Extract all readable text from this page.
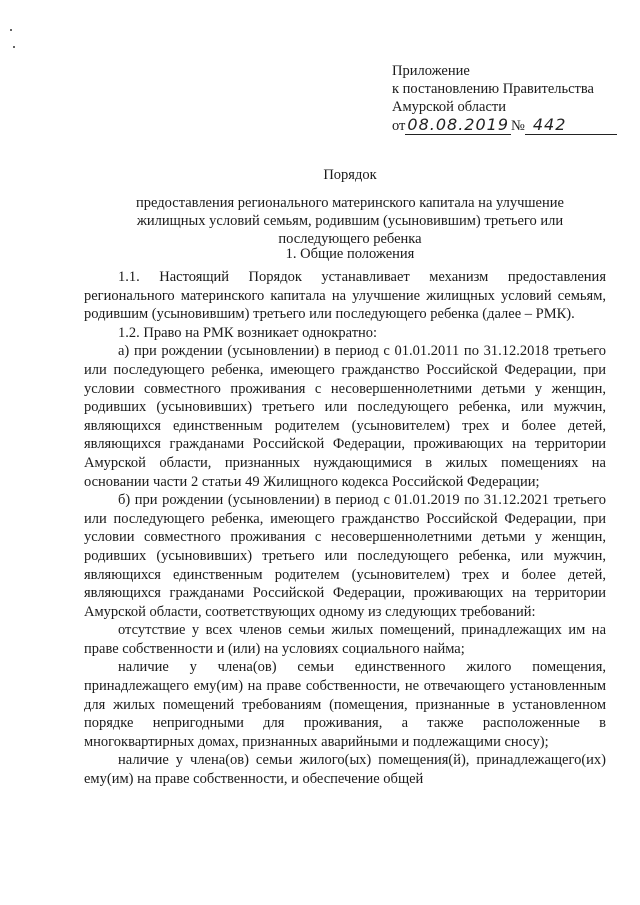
Приложение
к постановлению Правительства
Амурской области
от 08.08.2019 № 442
Порядок
предоставления регионального материнского капитала на улучшение жилищных условий семьям, родившим (усыновившим) третьего или последующего ребенка
1. Общие положения

1.1. Настоящий Порядок устанавливает механизм предоставления регионального материнского капитала на улучшение жилищных условий семьям, родившим (усыновившим) третьего или последующего ребенка (далее – РМК).

1.2. Право на РМК возникает однократно:

а) при рождении (усыновлении) в период с 01.01.2011 по 31.12.2018 третьего или последующего ребенка, имеющего гражданство Российской Федерации, при условии совместного проживания с несовершеннолетними детьми у женщин, родивших (усыновивших) третьего или последующего ребенка, или мужчин, являющихся единственным родителем (усыновителем) трех и более детей, являющихся гражданами Российской Федерации, проживающих на территории Амурской области, признанных нуждающимися в жилых помещениях на основании части 2 статьи 49 Жилищного кодекса Российской Федерации;

б) при рождении (усыновлении) в период с 01.01.2019 по 31.12.2021 третьего или последующего ребенка, имеющего гражданство Российской Федерации, при условии совместного проживания с несовершеннолетними детьми у женщин, родивших (усыновивших) третьего или последующего ребенка, или мужчин, являющихся единственным родителем (усыновителем) трех и более детей, являющихся гражданами Российской Федерации, проживающих на территории Амурской области, соответствующих одному из следующих требований:

отсутствие у всех членов семьи жилых помещений, принадлежащих им на праве собственности и (или) на условиях социального найма;

наличие у члена(ов) семьи единственного жилого помещения, принадлежащего ему(им) на праве собственности, не отвечающего установленным для жилых помещений требованиям (помещения, признанные в установленном порядке непригодными для проживания, а также расположенные в многоквартирных домах, признанных аварийными и подлежащими сносу);

наличие у члена(ов) семьи жилого(ых) помещения(й), принадлежащего(их) ему(им) на праве собственности, и обеспечение общей
